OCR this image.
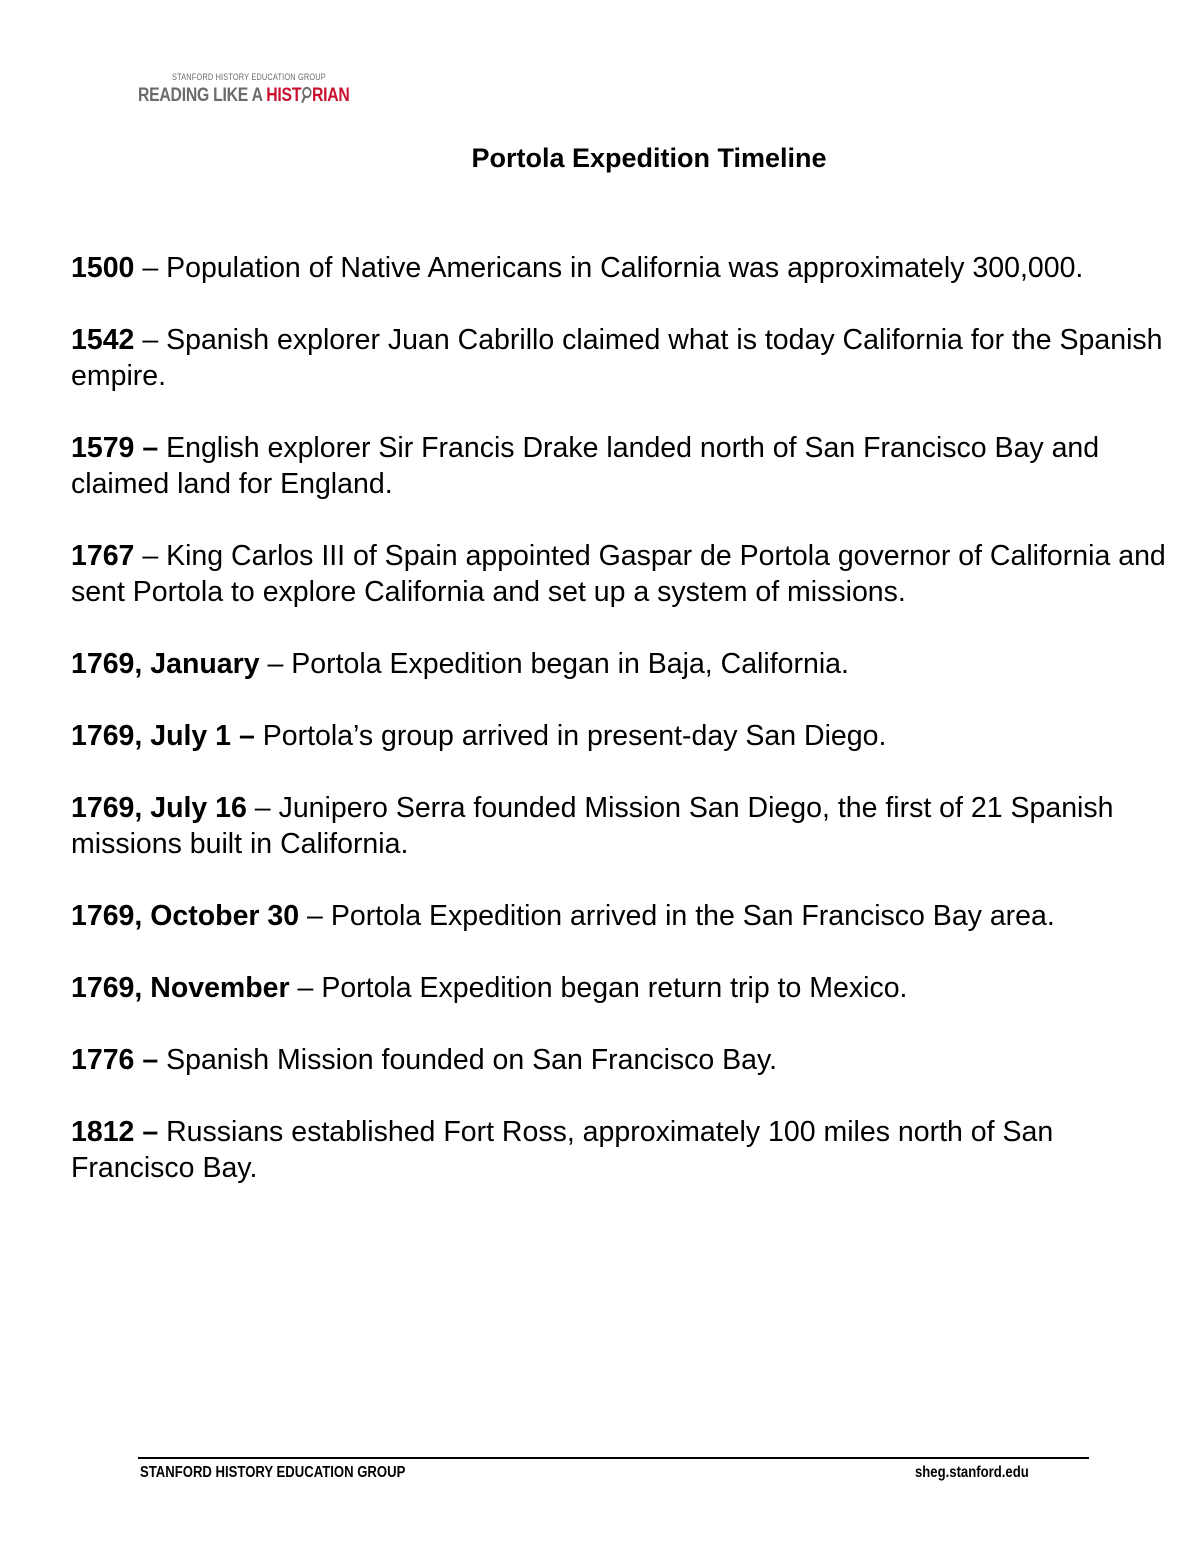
STANFORD HISTORY EDUCATION GROUP
READING LIKE A HIST RIAN
Portola Expedition Timeline

1500 – Population of Native Americans in California was approximately 300,000.

1542 – Spanish explorer Juan Cabrillo claimed what is today California for the Spanish empire.

1579 – English explorer Sir Francis Drake landed north of San Francisco Bay and claimed land for England.

1767 – King Carlos III of Spain appointed Gaspar de Portola governor of California and sent Portola to explore California and set up a system of missions.

1769, January – Portola Expedition began in Baja, California.

1769, July 1 – Portola’s group arrived in present-day San Diego.

1769, July 16 – Junipero Serra founded Mission San Diego, the first of 21 Spanish missions built in California.

1769, October 30 – Portola Expedition arrived in the San Francisco Bay area.

1769, November – Portola Expedition began return trip to Mexico.

1776 – Spanish Mission founded on San Francisco Bay.

1812 – Russians established Fort Ross, approximately 100 miles north of San Francisco Bay.

STANFORD HISTORY EDUCATION GROUP	sheg.stanford.edu
